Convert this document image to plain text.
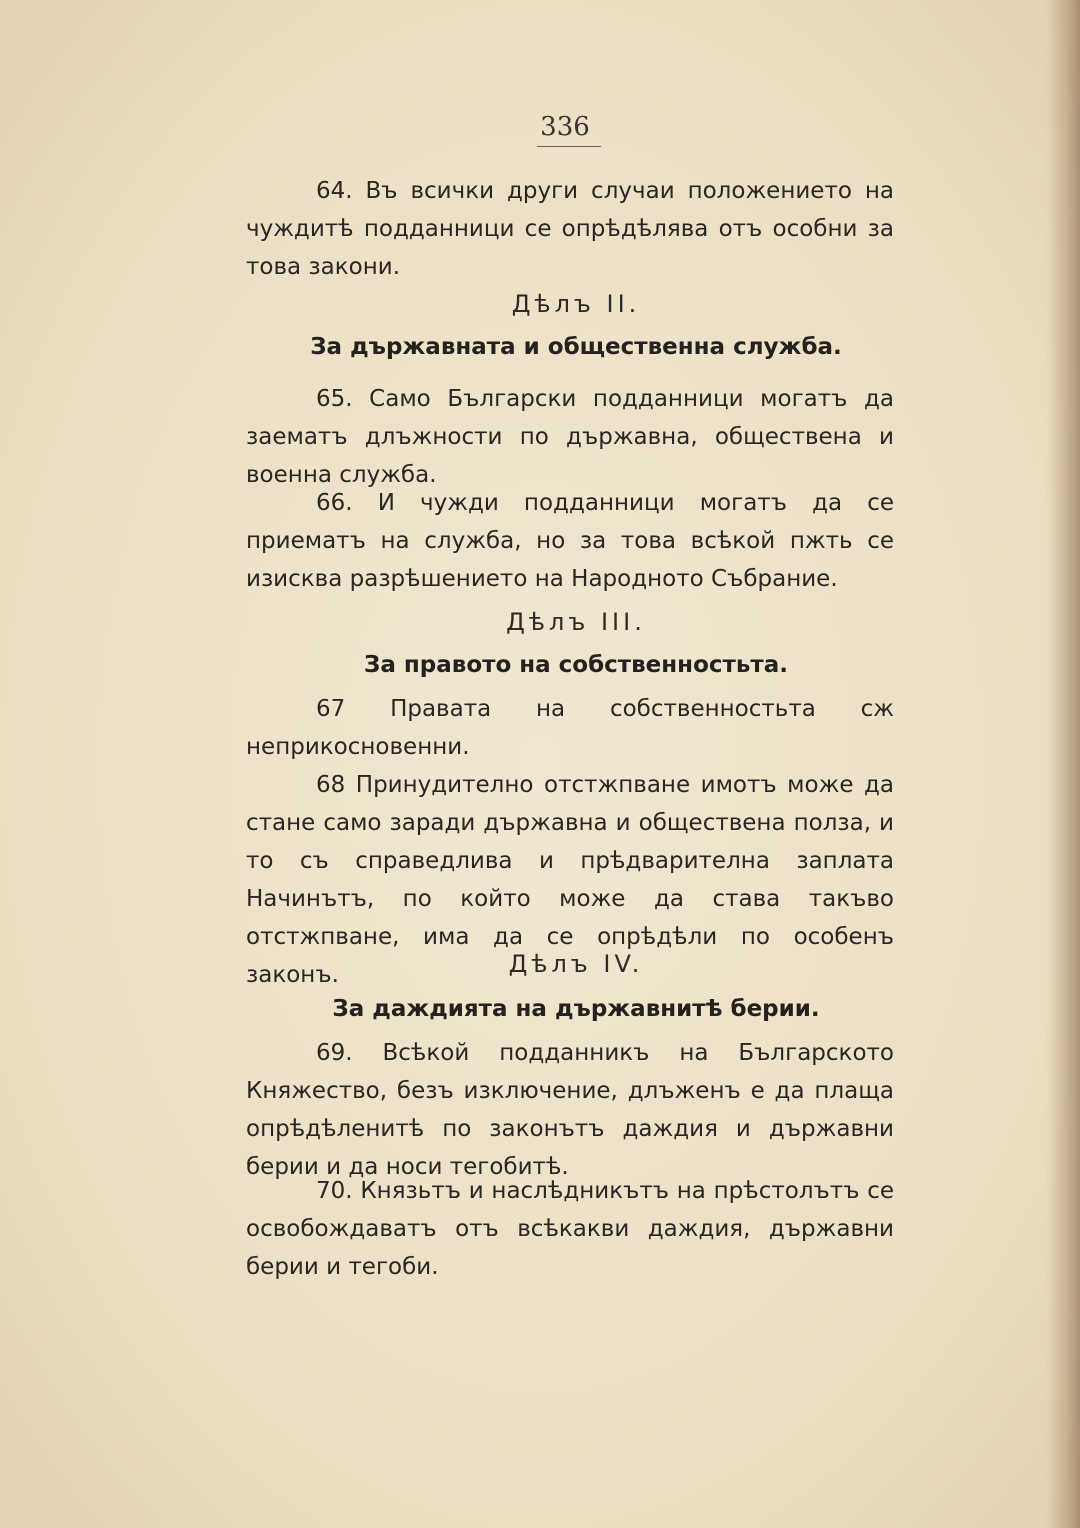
336
64. Въ всички други случаи положението на чуждитѣ подданници се опрѣдѣлява отъ особни за това закони.
Дѣлъ II.
За държавната и общественна служба.
65. Само Български подданници могатъ да заематъ длъжности по държавна, обществена и военна служба.
66. И чужди подданници могатъ да се приематъ на служба, но за това всѣкой пжть се изисква разрѣшението на Народното Събрание.
Дѣлъ III.
За правото на собственностьта.
67 Правата на собственностьта сж неприкосновенни.
68 Принудително отстжпване имотъ може да стане само заради държавна и обществена полза, и то съ справедлива и прѣдварителна заплата Начинътъ, по който може да става такъво отстжпване, има да се опрѣдѣли по особенъ законъ.	Дѣлъ IV.
За даждията на държавнитѣ берии.
69. Всѣкой подданникъ на Българското Княжество, безъ изключение, длъженъ е да плаща опрѣдѣленитѣ по законътъ даждия и държавни берии и да носи тегобитѣ.
70. Князьтъ и наслѣдникътъ на прѣстолътъ се освобождаватъ отъ всѣкакви даждия, държавни берии и тегоби.
